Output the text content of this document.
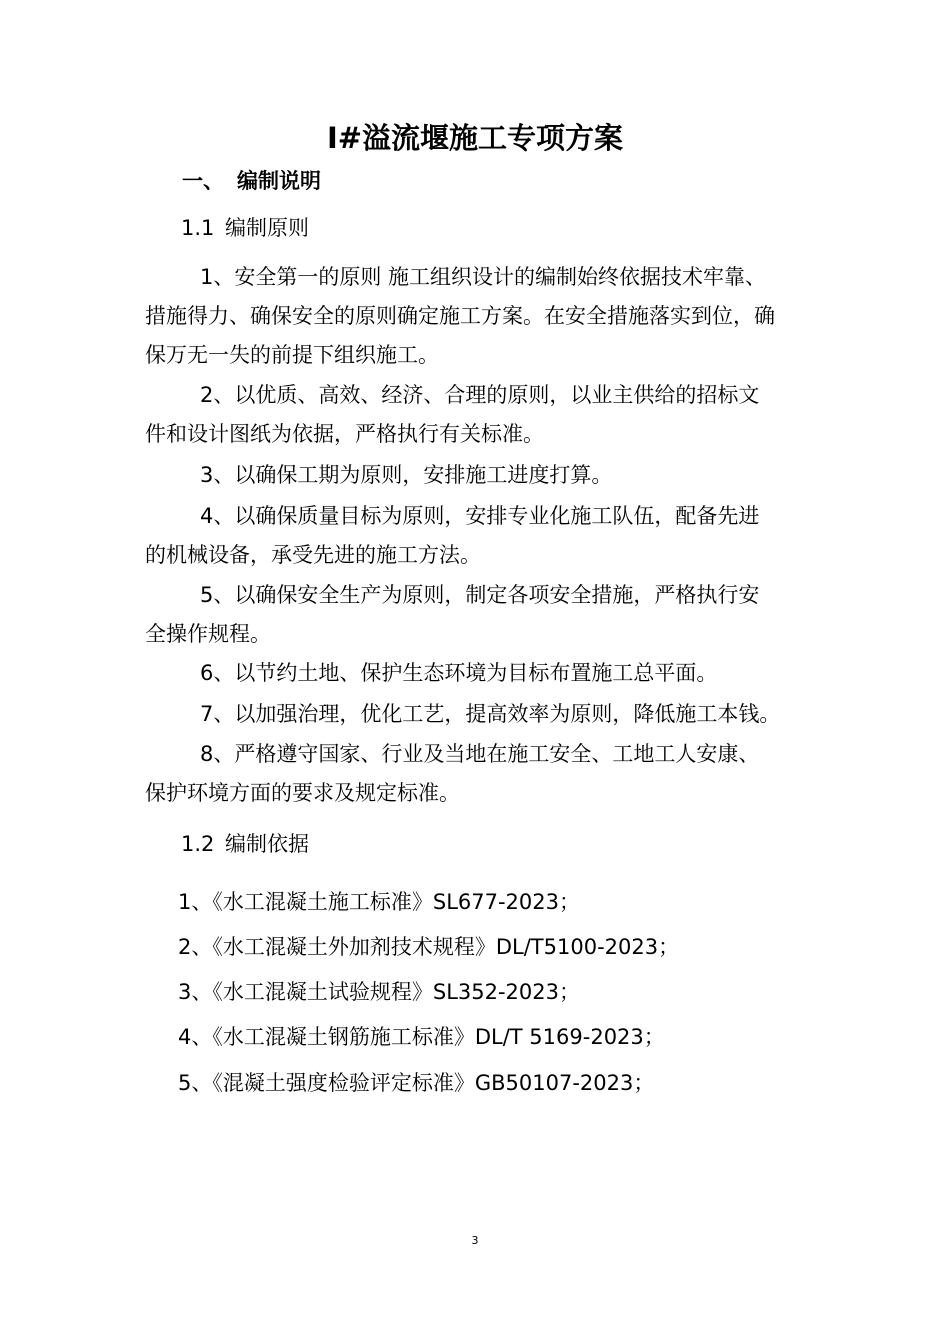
I#溢流堰施工专项方案
一、 编制说明
1.1 编制原则
1、安全第一的原则 施工组织设计的编制始终依据技术牢靠、
措施得力、确保安全的原则确定施工方案。在安全措施落实到位，确
保万无一失的前提下组织施工。
2、以优质、高效、经济、合理的原则，以业主供给的招标文
件和设计图纸为依据，严格执行有关标准。
3、以确保工期为原则，安排施工进度打算。
4、以确保质量目标为原则，安排专业化施工队伍，配备先进
的机械设备，承受先进的施工方法。
5、以确保安全生产为原则，制定各项安全措施，严格执行安
全操作规程。
6、以节约土地、保护生态环境为目标布置施工总平面。
7、以加强治理，优化工艺，提高效率为原则，降低施工本钱。
8、严格遵守国家、行业及当地在施工安全、工地工人安康、
保护环境方面的要求及规定标准。
1.2 编制依据
1、《水工混凝土施工标准》SL677-2023；
2、《水工混凝土外加剂技术规程》DL/T5100-2023；
3、《水工混凝土试验规程》SL352-2023；
4、《水工混凝土钢筋施工标准》DL/T 5169-2023；
5、《混凝土强度检验评定标准》GB50107-2023；
3
